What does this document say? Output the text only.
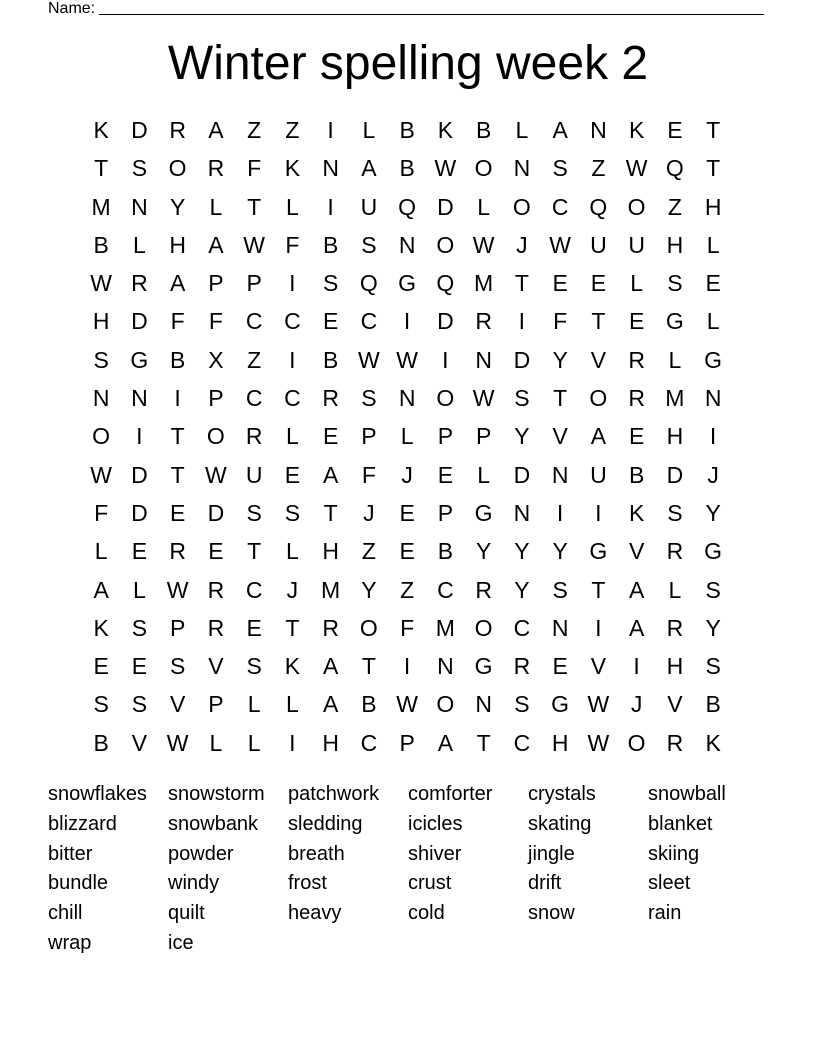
Name:
Winter spelling week 2
K D R A	Z	Z	I	L	B K B	L	A N K E	T
T	S O R F	K N A B W O N S	Z W Q T
M N Y	L	T	L	I	U Q D	L O C Q O Z H
B	L	H A W F	B S N O W J W U U H	L
W R A P P	I	S Q G Q M T	E E	L	S E
H D F	F C C E C	I	D R	I	F	T	E G L
S G B X	Z	I	B W W	I	N D Y V R	L G
N N	I	P C C R S N O W S	T O R M N
O	I	T O R	L	E P	L	P P Y V A E H	I
W D T W U E A	F	J	E	L	D N U B D	J
F D E D S S	T	J	E P G N	I	I	K S Y
L	E R E	T	L	H Z	E B Y Y Y G V R G
A	L W R C	J M Y	Z C R Y S	T	A	L	S
K S P R E	T R O F M O C N	I	A R Y
E E S V S K A	T	I	N G R E V	I	H S
S S V P	L	L	A B W O N S G W J	V B
B V W L	L	I	H C P A	T C H W O R K
snowflakes	snowstorm	patchwork	comforter	crystals	snowball
blizzard	snowbank	sledding	icicles	skating	blanket
bitter	powder	breath	shiver	jingle	skiing
bundle	windy	frost	crust	drift	sleet
chill	quilt	heavy	cold	snow	rain
wrap	ice
